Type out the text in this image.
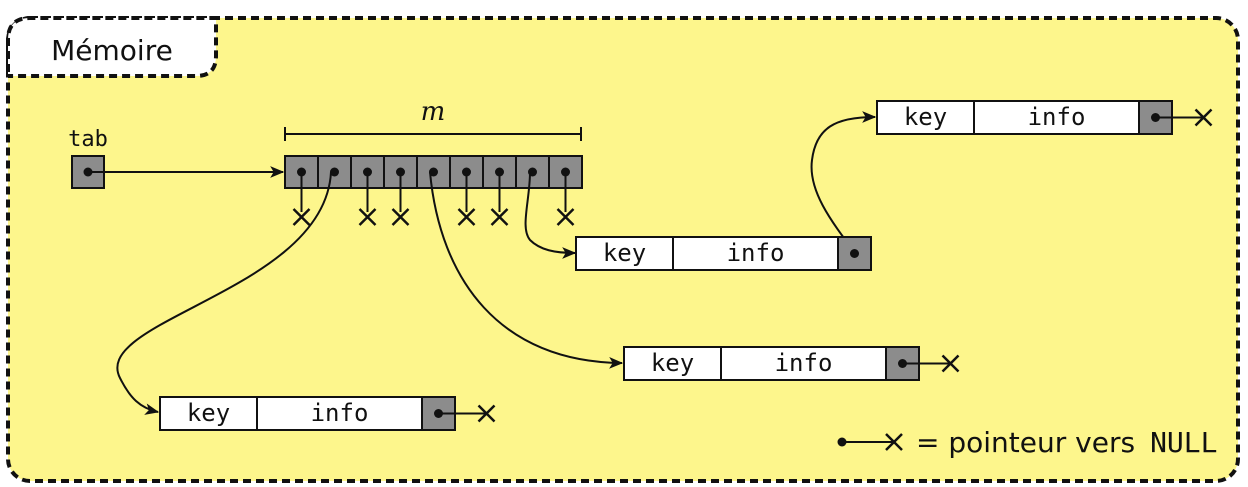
Mémoire
tab
m
key	info
key	info
key	info
key	info
= pointeur vers NULL
